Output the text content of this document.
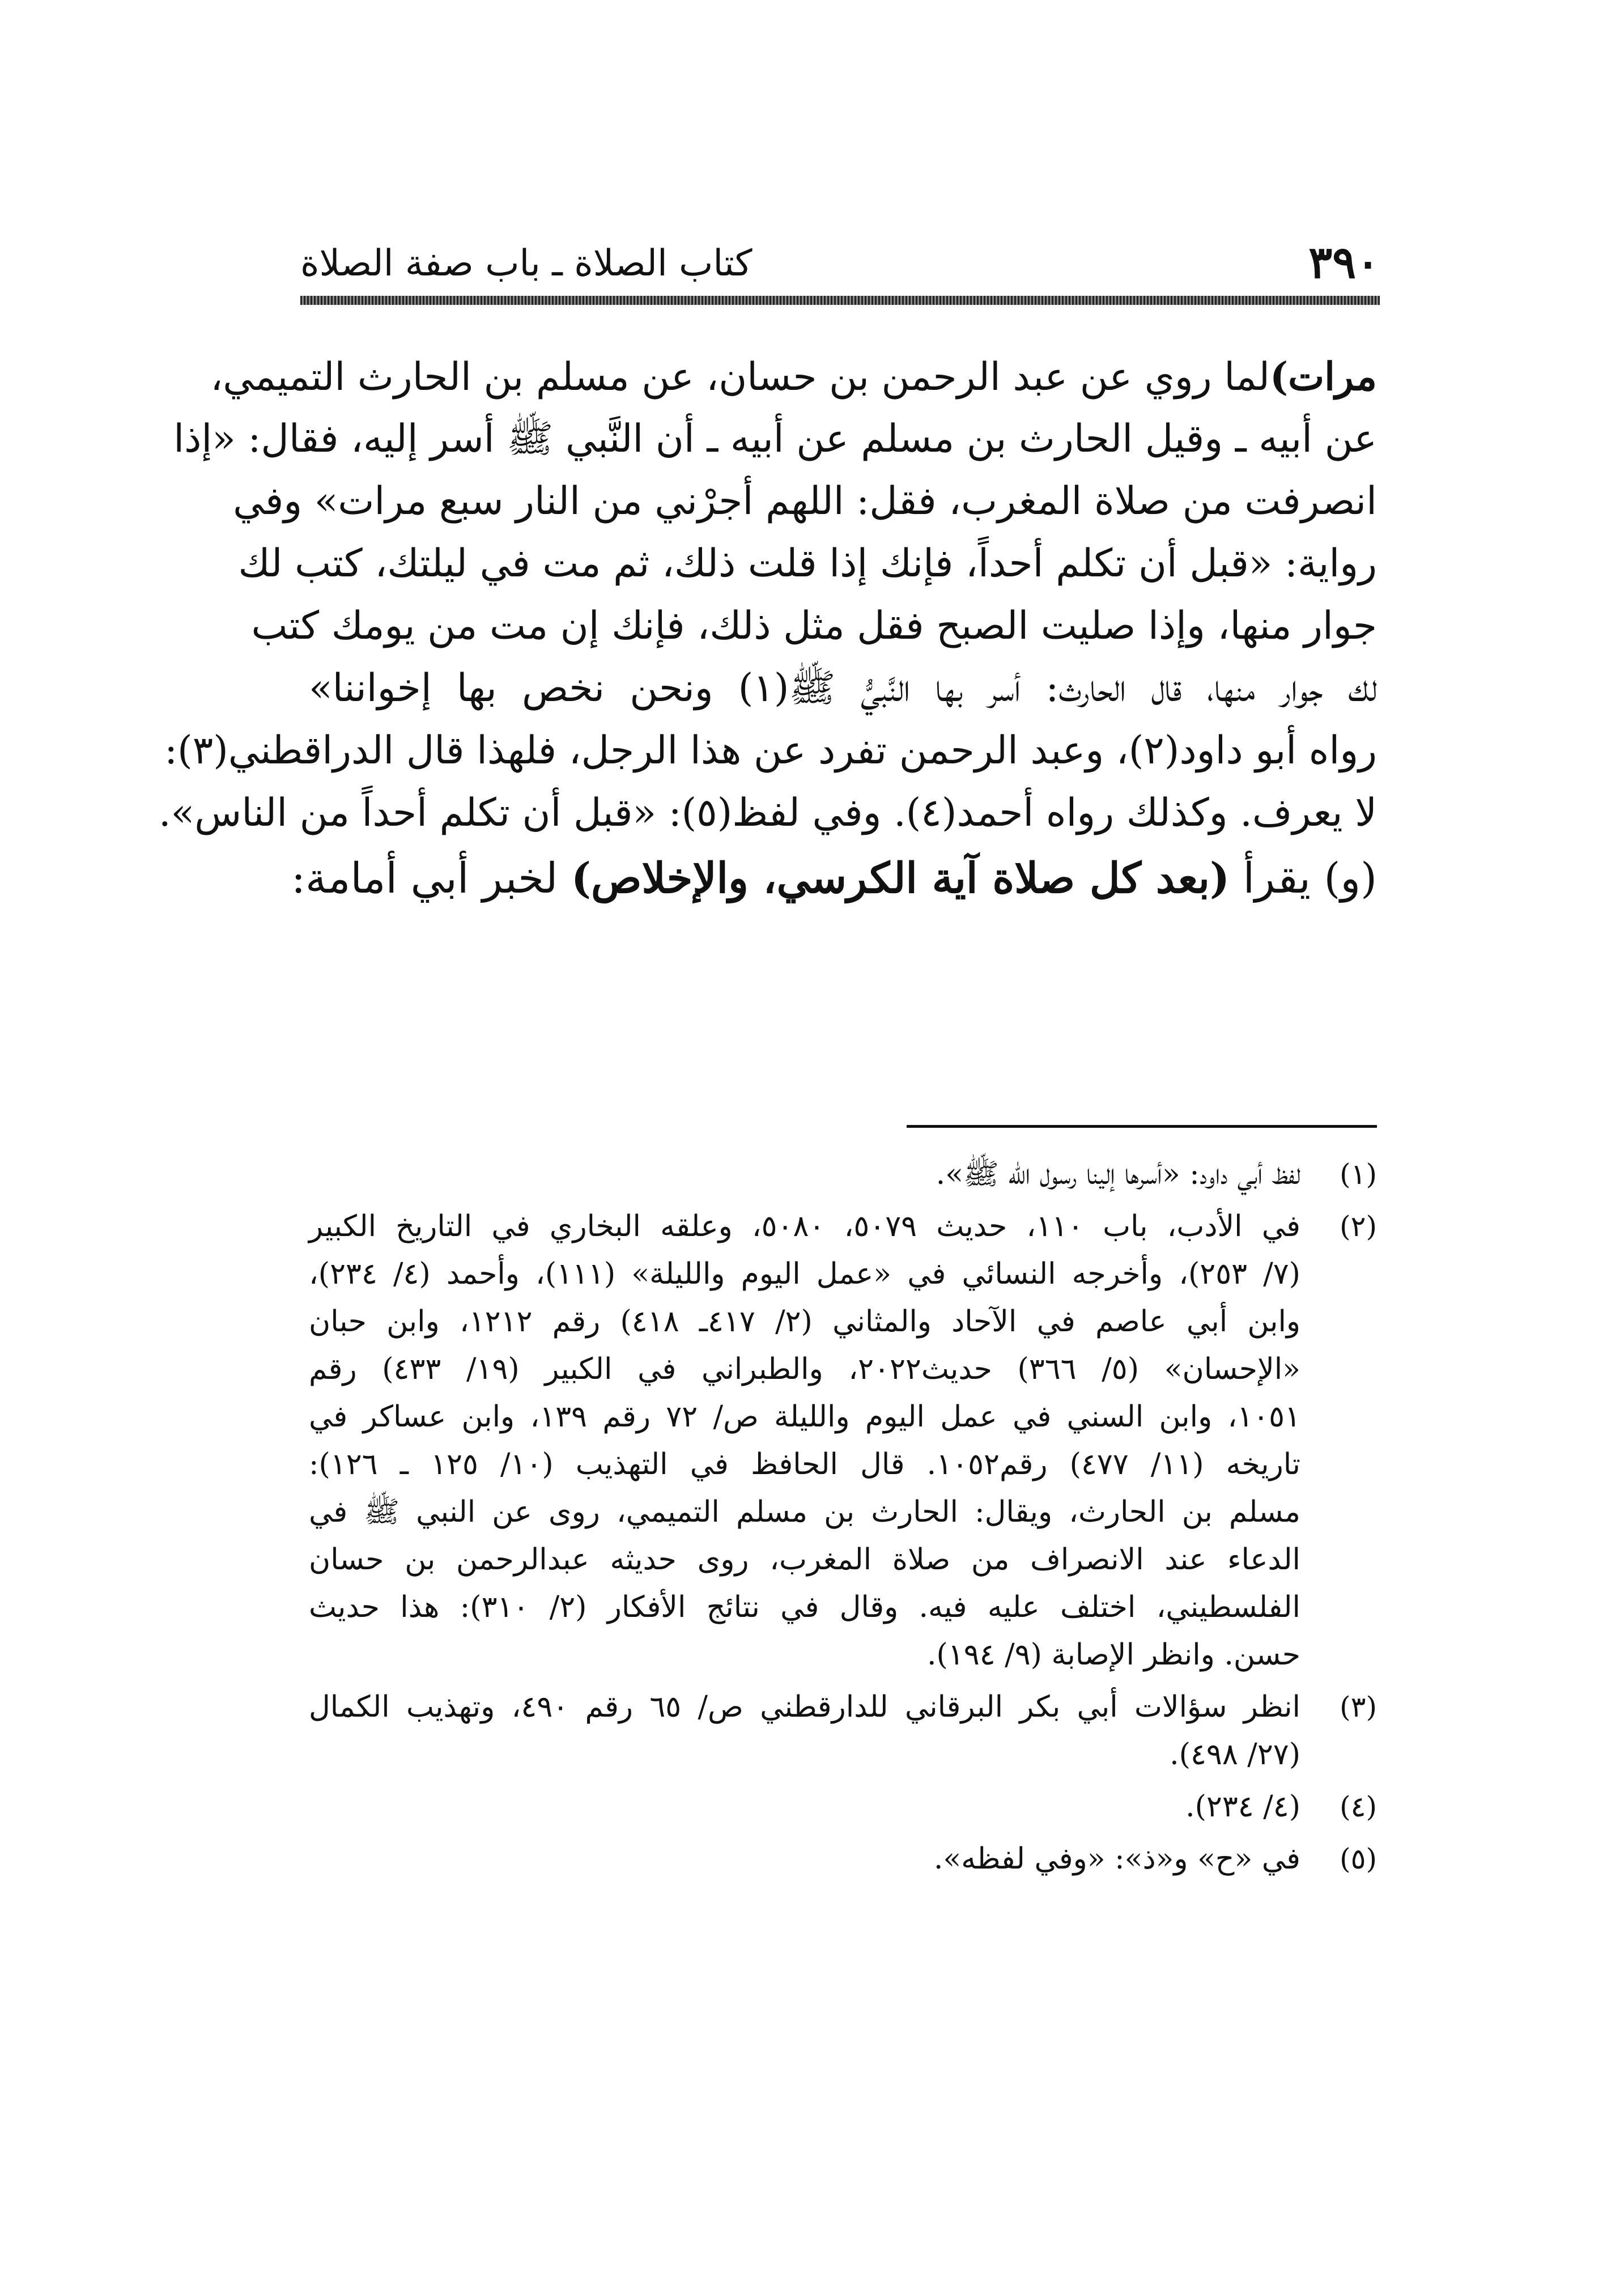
٣٩٠
كتاب الصلاة ـ باب صفة الصلاة
مرات)لما روي عن عبد الرحمن بن حسان، عن مسلم بن الحارث التميمي،
عن أبيه ـ وقيل الحارث بن مسلم عن أبيه ـ أن النَّبي ﷺ أسر إليه، فقال: «إذا
انصرفت من صلاة المغرب، فقل: اللهم أجرْني من النار سبع مرات» وفي
رواية: «قبل أن تكلم أحداً، فإنك إذا قلت ذلك، ثم مت في ليلتك، كتب لك
جوار منها، وإذا صليت الصبح فقل مثل ذلك، فإنك إن مت من يومك كتب
لك جوار منها، قال الحارث: أسر بها النَّبيُّ ﷺ(١) ونحن نخص بها إخواننا»
رواه أبو داود(٢)، وعبد الرحمن تفرد عن هذا الرجل، فلهذا قال الدراقطني(٣):
لا يعرف. وكذلك رواه أحمد(٤). وفي لفظ(٥): «قبل أن تكلم أحداً من الناس».
(و) يقرأ (بعد كل صلاة آية الكرسي، والإخلاص) لخبر أبي أمامة:
(١)
لفظ أبي داود: «أسرها إلينا رسول الله ﷺ».
(٢)
في الأدب، باب ١١٠، حديث ٥٠٧٩، ٥٠٨٠، وعلقه البخاري في التاريخ الكبير
(٧/ ٢٥٣)، وأخرجه النسائي في «عمل اليوم والليلة» (١١١)، وأحمد (٤/ ٢٣٤)،
وابن أبي عاصم في الآحاد والمثاني (٢/ ٤١٧ـ ٤١٨) رقم ١٢١٢، وابن حبان
«الإحسان» (٥/ ٣٦٦) حديث٢٠٢٢، والطبراني في الكبير (١٩/ ٤٣٣) رقم
١٠٥١، وابن السني في عمل اليوم والليلة ص/ ٧٢ رقم ١٣٩، وابن عساكر في
تاريخه (١١/ ٤٧٧) رقم١٠٥٢. قال الحافظ في التهذيب (١٠/ ١٢٥ ـ ١٢٦):
مسلم بن الحارث، ويقال: الحارث بن مسلم التميمي، روى عن النبي ﷺ في
الدعاء عند الانصراف من صلاة المغرب، روى حديثه عبدالرحمن بن حسان
الفلسطيني، اختلف عليه فيه. وقال في نتائج الأفكار (٢/ ٣١٠): هذا حديث
حسن. وانظر الإصابة (٩/ ١٩٤).
(٣)
انظر سؤالات أبي بكر البرقاني للدارقطني ص/ ٦٥ رقم ٤٩٠، وتهذيب الكمال
(٢٧/ ٤٩٨).
(٤)
(٤/ ٢٣٤).
(٥)
في «ح» و«ذ»: «وفي لفظه».
